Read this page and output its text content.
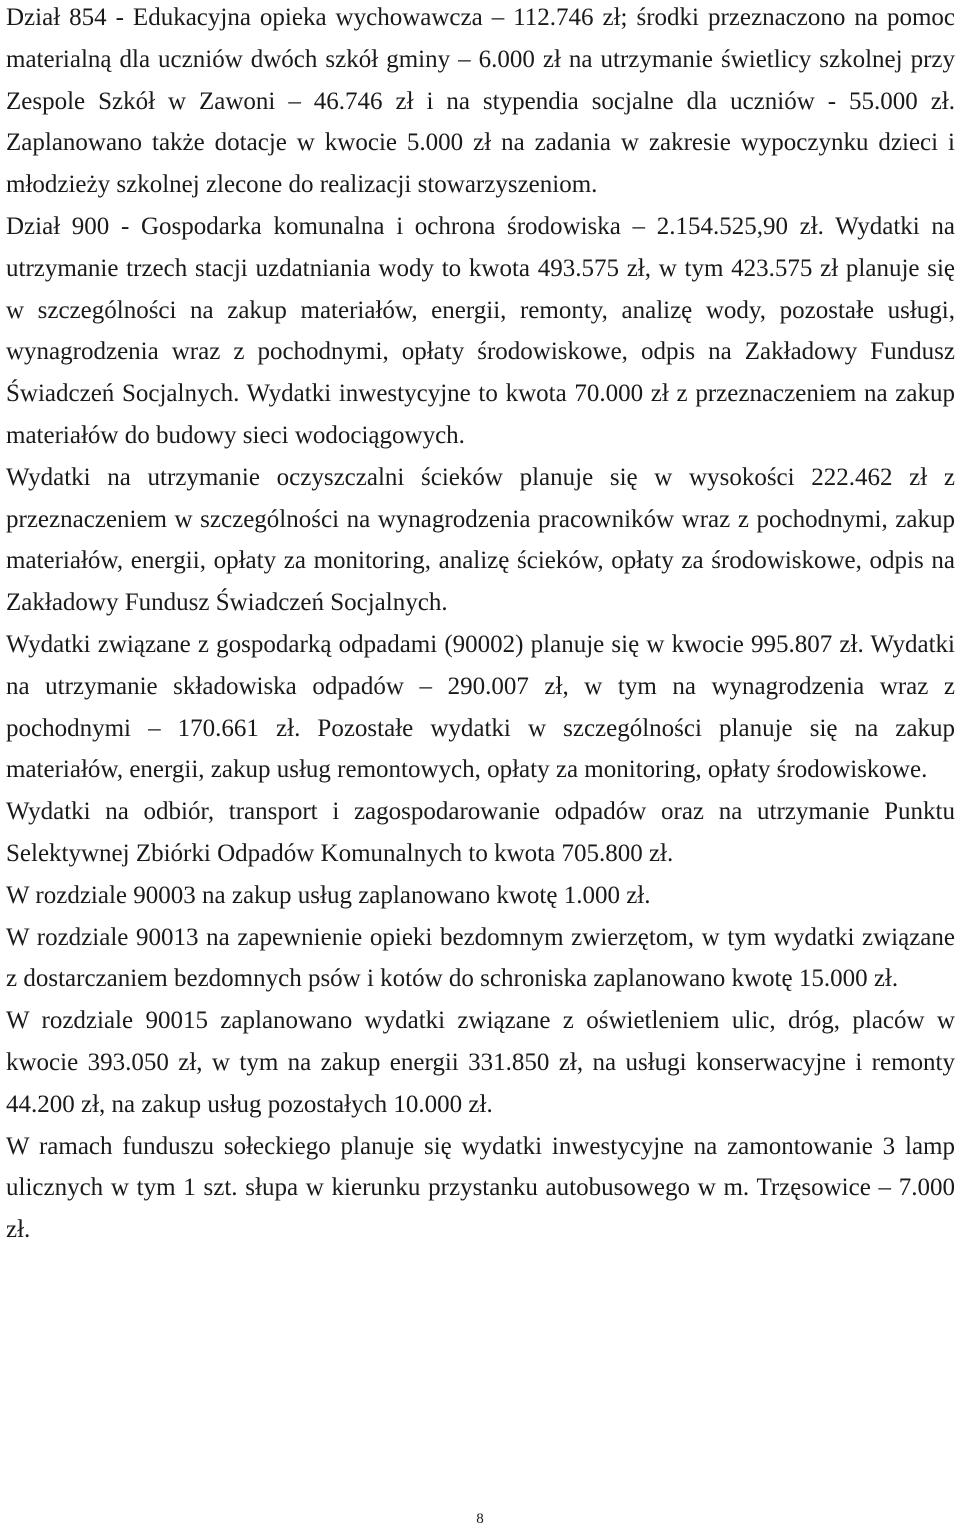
Dział 854 - Edukacyjna opieka wychowawcza – 112.746 zł; środki przeznaczono na pomoc materialną dla uczniów dwóch szkół gminy – 6.000 zł na utrzymanie świetlicy szkolnej przy Zespole Szkół w Zawoni – 46.746 zł i na stypendia socjalne dla uczniów - 55.000 zł. Zaplanowano także dotacje w kwocie 5.000 zł na zadania w zakresie wypoczynku dzieci i młodzieży szkolnej zlecone do realizacji stowarzyszeniom.

Dział 900 - Gospodarka komunalna i ochrona środowiska – 2.154.525,90 zł. Wydatki na utrzymanie trzech stacji uzdatniania wody to kwota 493.575 zł, w tym 423.575 zł planuje się w szczególności na zakup materiałów, energii, remonty, analizę wody, pozostałe usługi, wynagrodzenia wraz z pochodnymi, opłaty środowiskowe, odpis na Zakładowy Fundusz Świadczeń Socjalnych. Wydatki inwestycyjne to kwota 70.000 zł z przeznaczeniem na zakup materiałów do budowy sieci wodociągowych.

Wydatki na utrzymanie oczyszczalni ścieków planuje się w wysokości 222.462 zł z przeznaczeniem w szczególności na wynagrodzenia pracowników wraz z pochodnymi, zakup materiałów, energii, opłaty za monitoring, analizę ścieków, opłaty za środowiskowe, odpis na Zakładowy Fundusz Świadczeń Socjalnych.

Wydatki związane z gospodarką odpadami (90002) planuje się w kwocie 995.807 zł. Wydatki na utrzymanie składowiska odpadów – 290.007 zł, w tym na wynagrodzenia wraz z pochodnymi – 170.661 zł. Pozostałe wydatki w szczególności planuje się na zakup materiałów, energii, zakup usług remontowych, opłaty za monitoring, opłaty środowiskowe.

Wydatki na odbiór, transport i zagospodarowanie odpadów oraz na utrzymanie Punktu Selektywnej Zbiórki Odpadów Komunalnych to kwota 705.800 zł.

W rozdziale 90003 na zakup usług zaplanowano kwotę 1.000 zł.

W rozdziale 90013 na zapewnienie opieki bezdomnym zwierzętom, w tym wydatki związane z dostarczaniem bezdomnych psów i kotów do schroniska zaplanowano kwotę 15.000 zł.

W rozdziale 90015 zaplanowano wydatki związane z oświetleniem ulic, dróg, placów w kwocie 393.050 zł, w tym na zakup energii 331.850 zł, na usługi konserwacyjne i remonty 44.200 zł, na zakup usług pozostałych 10.000 zł.

W ramach funduszu sołeckiego planuje się wydatki inwestycyjne na zamontowanie 3 lamp ulicznych w tym 1 szt. słupa w kierunku przystanku autobusowego w m. Trzęsowice – 7.000 zł.

8
